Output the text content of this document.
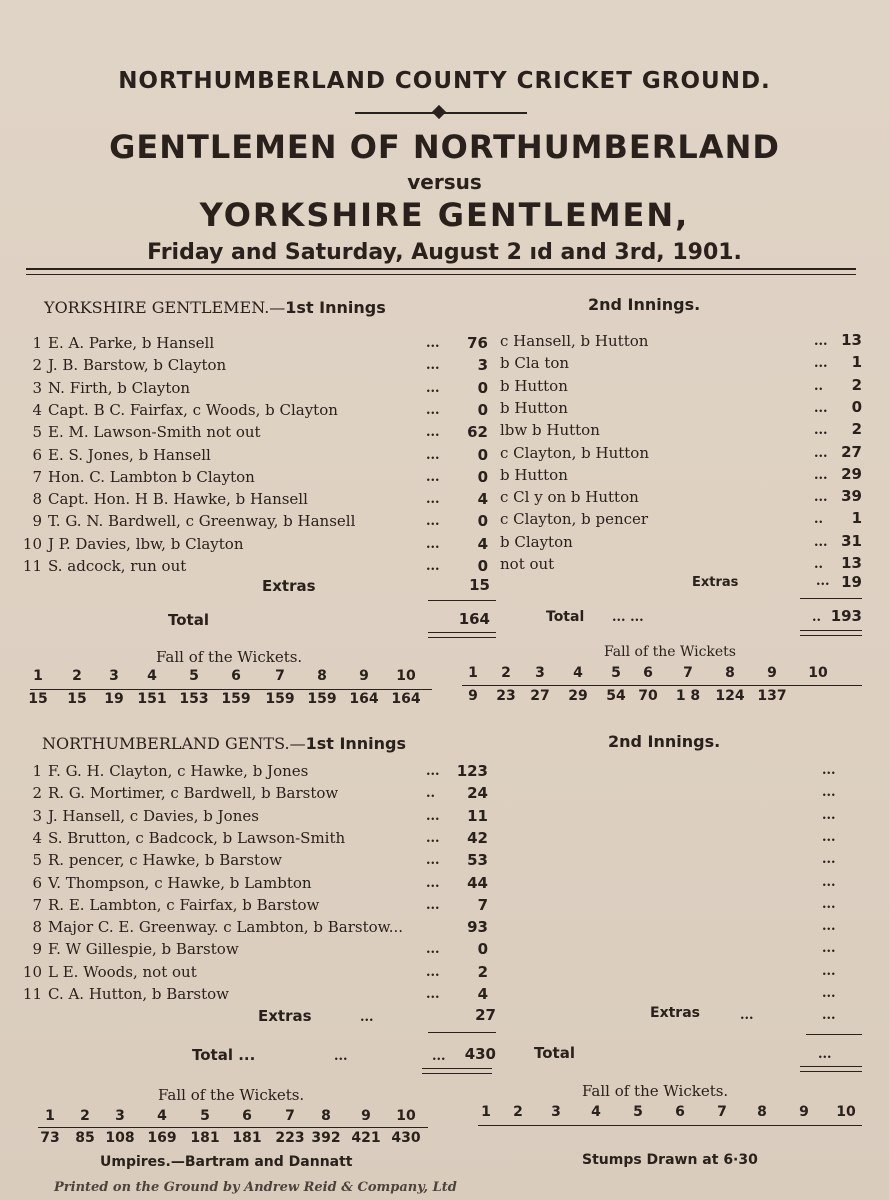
NORTHUMBERLAND COUNTY CRICKET GROUND.
GENTLEMEN OF NORTHUMBERLAND
versus
YORKSHIRE GENTLEMEN,
Friday and Saturday, August 2 ıd and 3rd, 1901.
YORKSHIRE GENTLEMEN.—1st Innings	2nd Innings.
1 E. A. Parke, b Hansell	...	76 c Hansell, b Hutton	... 13
2 J. B. Barstow, b Clayton	...	3 b Cla ton	...	1
3 N. Firth, b Clayton	...	0 b Hutton	..	2
4 Capt. B C. Fairfax, c Woods, b Clayton	...	0 b Hutton	...	0
5 E. M. Lawson-Smith not out	...	62 lbw b Hutton	...	2
6 E. S. Jones, b Hansell	...	0 c Clayton, b Hutton	... 27
7 Hon. C. Lambton b Clayton	...	0 b Hutton	... 29
8 Capt. Hon. H B. Hawke, b Hansell	...	4 c Cl y on b Hutton	... 39
9 T. G. N. Bardwell, c Greenway, b Hansell	...	0 c Clayton, b pencer	..	1
10 J P. Davies, lbw, b Clayton	...	4 b Clayton	... 31
11 S. adcock, run out	...	0 not out	..	13
Extras	15	Extras	... 19
Total	164	Total ... ...	.. 193
Fall of the Wickets.
1	2	3	4	5	6	7	8	9	10
15	15	19 151 153 159 159 159 164 164
Fall of the Wickets
1	2	3	4	5	6	7	8	9	10
9	23	27	29	54 70	1 8	124 137
NORTHUMBERLAND GENTS.—1st Innings	2nd Innings.
1 F. G. H. Clayton, c Hawke, b Jones	...	123	...
2 R. G. Mortimer, c Bardwell, b Barstow	..	24	...
3 J. Hansell, c Davies, b Jones	...	11	...
4 S. Brutton, c Badcock, b Lawson-Smith	...	42	...
5 R. pencer, c Hawke, b Barstow	...	53	...
6 V. Thompson, c Hawke, b Lambton	...	44	...
7 R. E. Lambton, c Fairfax, b Barstow	...	7	...
8 Major C. E. Greenway. c Lambton, b Barstow...	93	...
9 F. W Gillespie, b Barstow	...	0	...
10 L E. Woods, not out	...	2	...
11 C. A. Hutton, b Barstow	...	4	...
Extras	...	27	Extras	...	...
Total ...	...	...	430	Total	...
Fall of the Wickets.
1	2	3	4	5	6	7	8	9	10
73	85 108 169 181 181 223 392 421 430
Fall of the Wickets.
1	2	3	4	5	6	7	8	9	10
Umpires.—Bartram and Dannatt	Stumps Drawn at 6·30
Printed on the Ground by Andrew Reid & Company, Ltd
